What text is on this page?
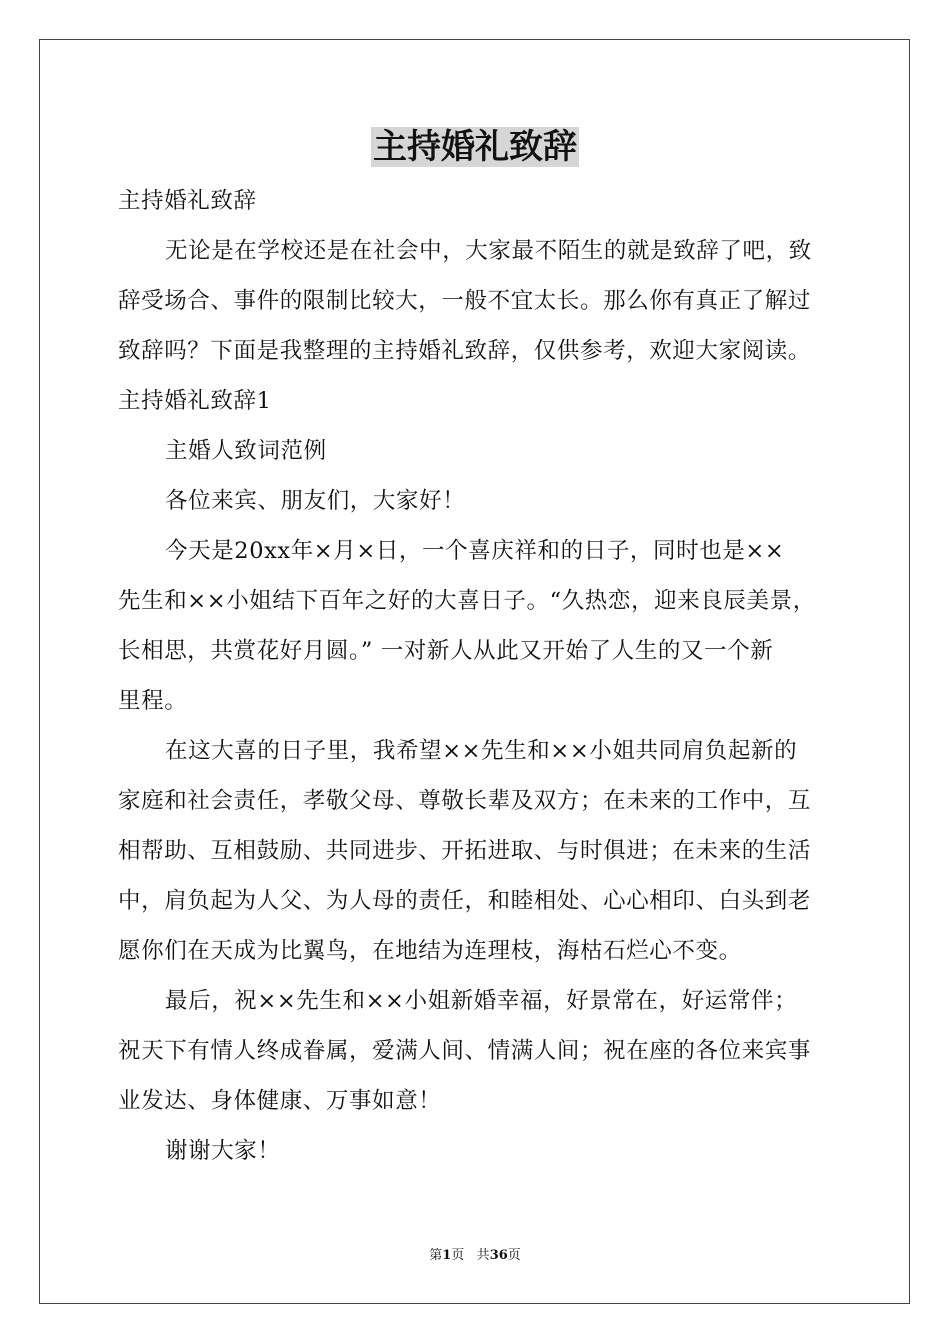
主持婚礼致辞
主持婚礼致辞
无论是在学校还是在社会中，大家最不陌生的就是致辞了吧，致
辞受场合、事件的限制比较大，一般不宜太长。那么你有真正了解过
致辞吗？下面是我整理的主持婚礼致辞，仅供参考，欢迎大家阅读。
主持婚礼致辞1
主婚人致词范例
各位来宾、朋友们，大家好！
今天是20xx年×月×日，一个喜庆祥和的日子，同时也是××
先生和××小姐结下百年之好的大喜日子。“久热恋，迎来良辰美景，
长相思，共赏花好月圆。” 一对新人从此又开始了人生的又一个新
里程。
在这大喜的日子里，我希望××先生和××小姐共同肩负起新的
家庭和社会责任，孝敬父母、尊敬长辈及双方；在未来的工作中，互
相帮助、互相鼓励、共同进步、开拓进取、与时俱进；在未来的生活
中，肩负起为人父、为人母的责任，和睦相处、心心相印、白头到老
愿你们在天成为比翼鸟，在地结为连理枝，海枯石烂心不变。
最后，祝××先生和××小姐新婚幸福，好景常在，好运常伴；
祝天下有情人终成眷属，爱满人间、情满人间；祝在座的各位来宾事
业发达、身体健康、万事如意！
谢谢大家！
第1页 共36页
